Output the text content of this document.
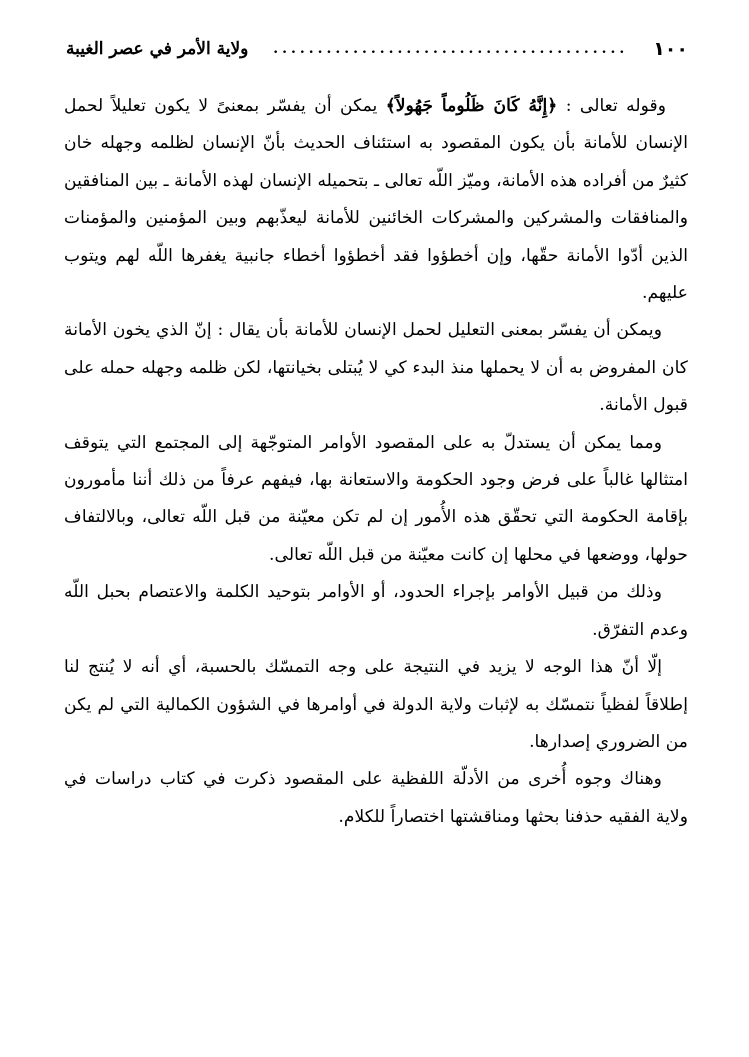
١٠٠
........................................
ولاية الأمر في عصر الغيبة

وقوله تعالى : ﴿إِنَّهُ كَانَ ظَلُوماً جَهُولاً﴾ يمكن أن يفسّر بمعنىً لا يكون تعليلاً لحمل الإنسان للأمانة بأن يكون المقصود به استئناف الحديث بأنّ الإنسان لظلمه وجهله خان كثيرٌ من أفراده هذه الأمانة، وميّز اللّه تعالى ـ بتحميله الإنسان لهذه الأمانة ـ بين المنافقين والمنافقات والمشركين والمشركات الخائنين للأمانة ليعذّبهم وبين المؤمنين والمؤمنات الذين أدّوا الأمانة حقّها، وإن أخطؤوا فقد أخطؤوا أخطاء جانبية يغفرها اللّه لهم ويتوب عليهم.

ويمكن أن يفسّر بمعنى التعليل لحمل الإنسان للأمانة بأن يقال : إنّ الذي يخون الأمانة كان المفروض به أن لا يحملها منذ البدء كي لا يُبتلى بخيانتها، لكن ظلمه وجهله حمله على قبول الأمانة.

ومما يمكن أن يستدلّ به على المقصود الأوامر المتوجّهة إلى المجتمع التي يتوقف امتثالها غالباً على فرض وجود الحكومة والاستعانة بها، فيفهم عرفاً من ذلك أننا مأمورون بإقامة الحكومة التي تحقّق هذه الأُمور إن لم تكن معيّنة من قبل اللّه تعالى، وبالالتفاف حولها، ووضعها في محلها إن كانت معيّنة من قبل اللّه تعالى.

وذلك من قبيل الأوامر بإجراء الحدود، أو الأوامر بتوحيد الكلمة والاعتصام بحبل اللّه وعدم التفرّق.

إلّا أنّ هذا الوجه لا يزيد في النتيجة على وجه التمسّك بالحسبة، أي أنه لا يُنتج لنا إطلاقاً لفظياً نتمسّك به لإثبات ولاية الدولة في أوامرها في الشؤون الكمالية التي لم يكن من الضروري إصدارها.

وهناك وجوه أُخرى من الأدلّة اللفظية على المقصود ذكرت في كتاب دراسات في ولاية الفقيه حذفنا بحثها ومناقشتها اختصاراً للكلام.
